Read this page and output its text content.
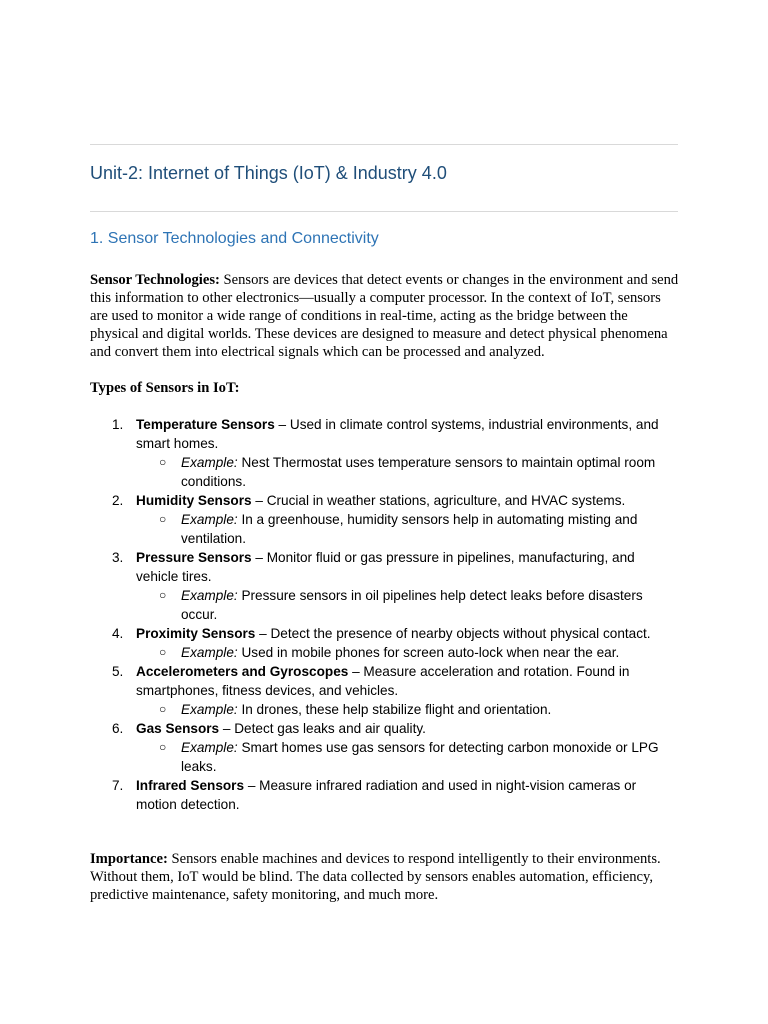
Unit-2: Internet of Things (IoT) & Industry 4.0
1. Sensor Technologies and Connectivity

Sensor Technologies: Sensors are devices that detect events or changes in the environment and send this information to other electronics—usually a computer processor. In the context of IoT, sensors are used to monitor a wide range of conditions in real-time, acting as the bridge between the physical and digital worlds. These devices are designed to measure and detect physical phenomena and convert them into electrical signals which can be processed and analyzed.

Types of Sensors in IoT:

1. Temperature Sensors – Used in climate control systems, industrial environments, and smart homes.
○ Example: Nest Thermostat uses temperature sensors to maintain optimal room conditions.
2. Humidity Sensors – Crucial in weather stations, agriculture, and HVAC systems.
○ Example: In a greenhouse, humidity sensors help in automating misting and ventilation.
3. Pressure Sensors – Monitor fluid or gas pressure in pipelines, manufacturing, and vehicle tires.
○ Example: Pressure sensors in oil pipelines help detect leaks before disasters occur.
4. Proximity Sensors – Detect the presence of nearby objects without physical contact.
○ Example: Used in mobile phones for screen auto-lock when near the ear.
5. Accelerometers and Gyroscopes – Measure acceleration and rotation. Found in smartphones, fitness devices, and vehicles.
○ Example: In drones, these help stabilize flight and orientation.
6. Gas Sensors – Detect gas leaks and air quality.
○ Example: Smart homes use gas sensors for detecting carbon monoxide or LPG leaks.
7. Infrared Sensors – Measure infrared radiation and used in night-vision cameras or motion detection.

Importance: Sensors enable machines and devices to respond intelligently to their environments. Without them, IoT would be blind. The data collected by sensors enables automation, efficiency, predictive maintenance, safety monitoring, and much more.
